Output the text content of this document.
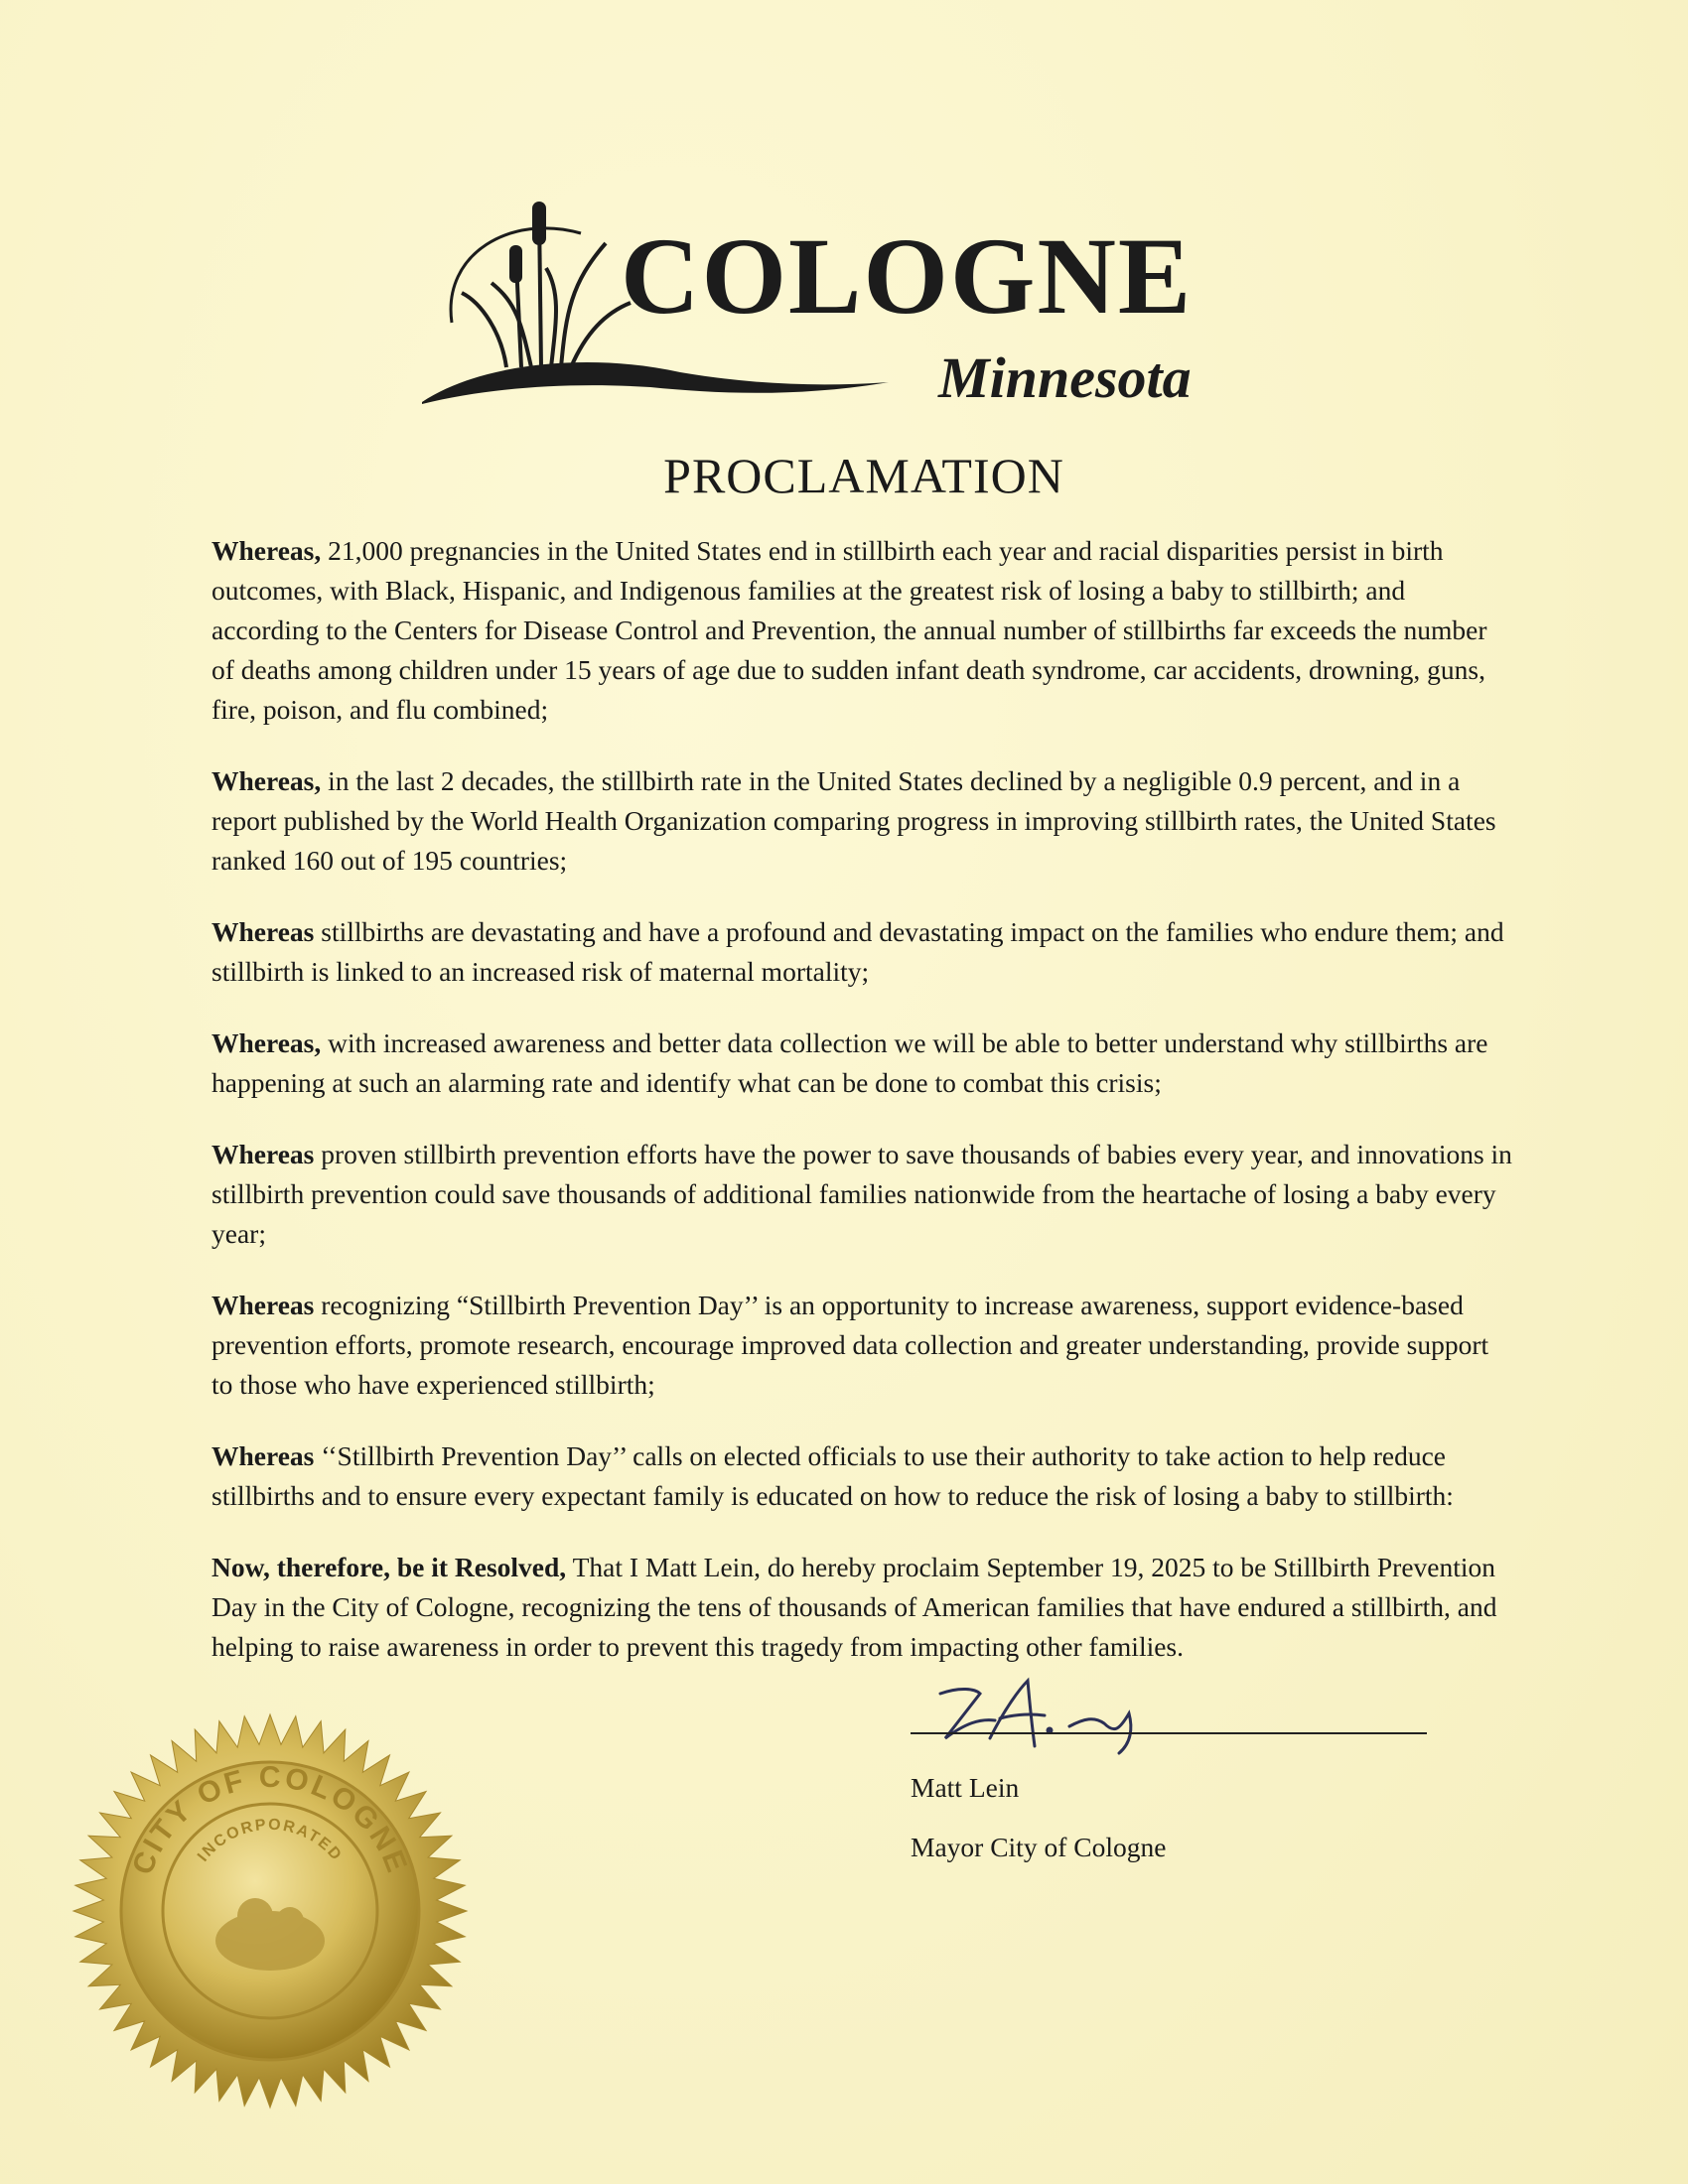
COLOGNE
Minnesota
PROCLAMATION

Whereas, 21,000 pregnancies in the United States end in stillbirth each year and racial disparities persist in birth outcomes, with Black, Hispanic, and Indigenous families at the greatest risk of losing a baby to stillbirth; and according to the Centers for Disease Control and Prevention, the annual number of stillbirths far exceeds the number of deaths among children under 15 years of age due to sudden infant death syndrome, car accidents, drowning, guns, fire, poison, and flu combined;

Whereas, in the last 2 decades, the stillbirth rate in the United States declined by a negligible 0.9 percent, and in a report published by the World Health Organization comparing progress in improving stillbirth rates, the United States ranked 160 out of 195 countries;

Whereas stillbirths are devastating and have a profound and devastating impact on the families who endure them; and stillbirth is linked to an increased risk of maternal mortality;

Whereas, with increased awareness and better data collection we will be able to better understand why stillbirths are happening at such an alarming rate and identify what can be done to combat this crisis;

Whereas proven stillbirth prevention efforts have the power to save thousands of babies every year, and innovations in stillbirth prevention could save thousands of additional families nationwide from the heartache of losing a baby every year;

Whereas recognizing “Stillbirth Prevention Day’’ is an opportunity to increase awareness, support evidence-based prevention efforts, promote research, encourage improved data collection and greater understanding, provide support to those who have experienced stillbirth;

Whereas ‘‘Stillbirth Prevention Day’’ calls on elected officials to use their authority to take action to help reduce stillbirths and to ensure every expectant family is educated on how to reduce the risk of losing a baby to stillbirth:

Now, therefore, be it Resolved, That I Matt Lein, do hereby proclaim September 19, 2025 to be Stillbirth Prevention Day in the City of Cologne, recognizing the tens of thousands of American families that have endured a stillbirth, and helping to raise awareness in order to prevent this tragedy from impacting other families.

Matt Lein
Mayor City of Cologne
CITY OF COLOGNE
INCORPORATED
